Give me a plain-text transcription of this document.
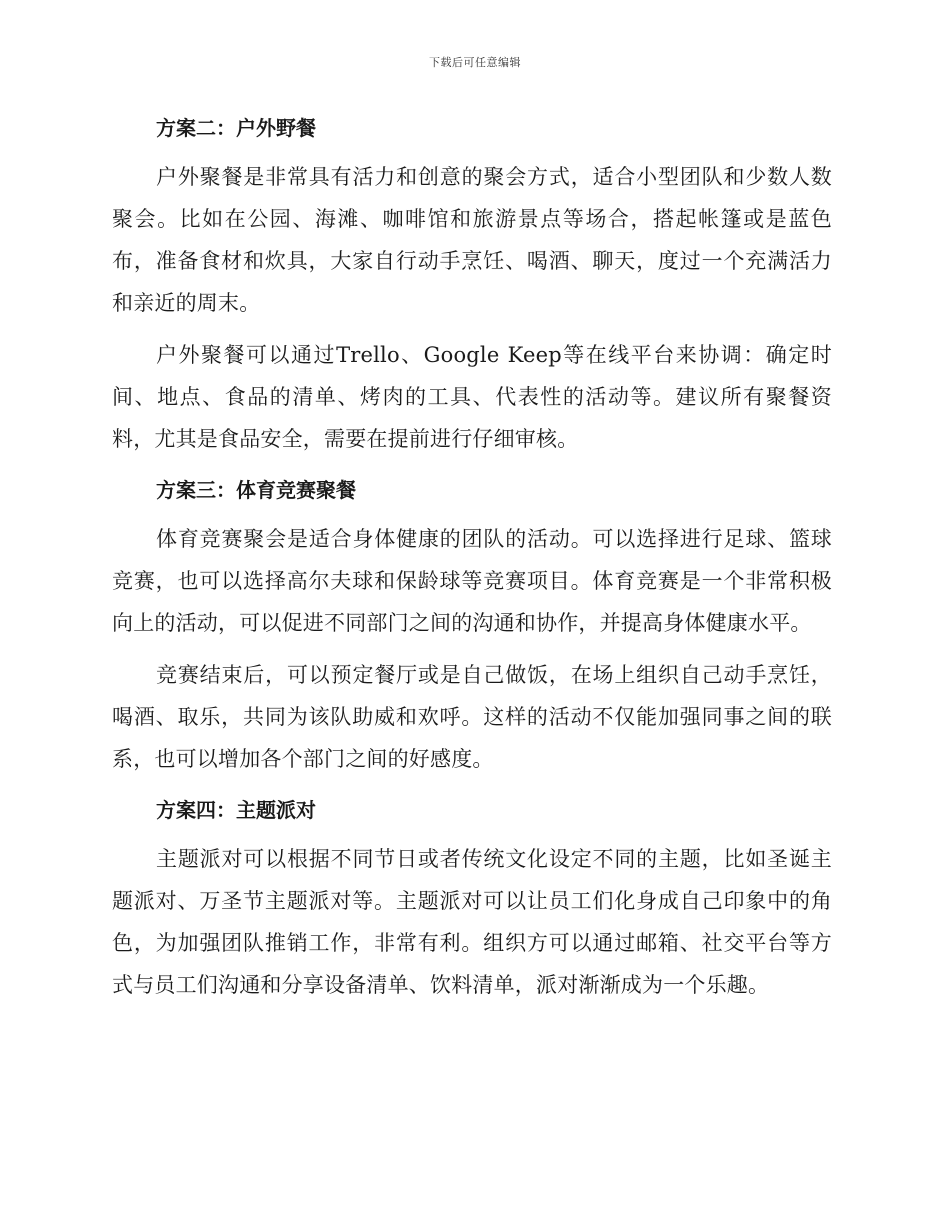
下载后可任意编辑
方案二：户外野餐

户外聚餐是非常具有活力和创意的聚会方式，适合小型团队和少数人数聚会。比如在公园、海滩、咖啡馆和旅游景点等场合，搭起帐篷或是蓝色布，准备食材和炊具，大家自行动手烹饪、喝酒、聊天，度过一个充满活力和亲近的周末。

户外聚餐可以通过Trello、Google Keep等在线平台来协调：确定时间、地点、食品的清单、烤肉的工具、代表性的活动等。建议所有聚餐资料，尤其是食品安全，需要在提前进行仔细审核。

方案三：体育竞赛聚餐

体育竞赛聚会是适合身体健康的团队的活动。可以选择进行足球、篮球竞赛，也可以选择高尔夫球和保龄球等竞赛项目。体育竞赛是一个非常积极向上的活动，可以促进不同部门之间的沟通和协作，并提高身体健康水平。

竞赛结束后，可以预定餐厅或是自己做饭，在场上组织自己动手烹饪，喝酒、取乐，共同为该队助威和欢呼。这样的活动不仅能加强同事之间的联系，也可以增加各个部门之间的好感度。

方案四：主题派对

主题派对可以根据不同节日或者传统文化设定不同的主题，比如圣诞主题派对、万圣节主题派对等。主题派对可以让员工们化身成自己印象中的角色，为加强团队推销工作，非常有利。组织方可以通过邮箱、社交平台等方式与员工们沟通和分享设备清单、饮料清单，派对渐渐成为一个乐趣。
